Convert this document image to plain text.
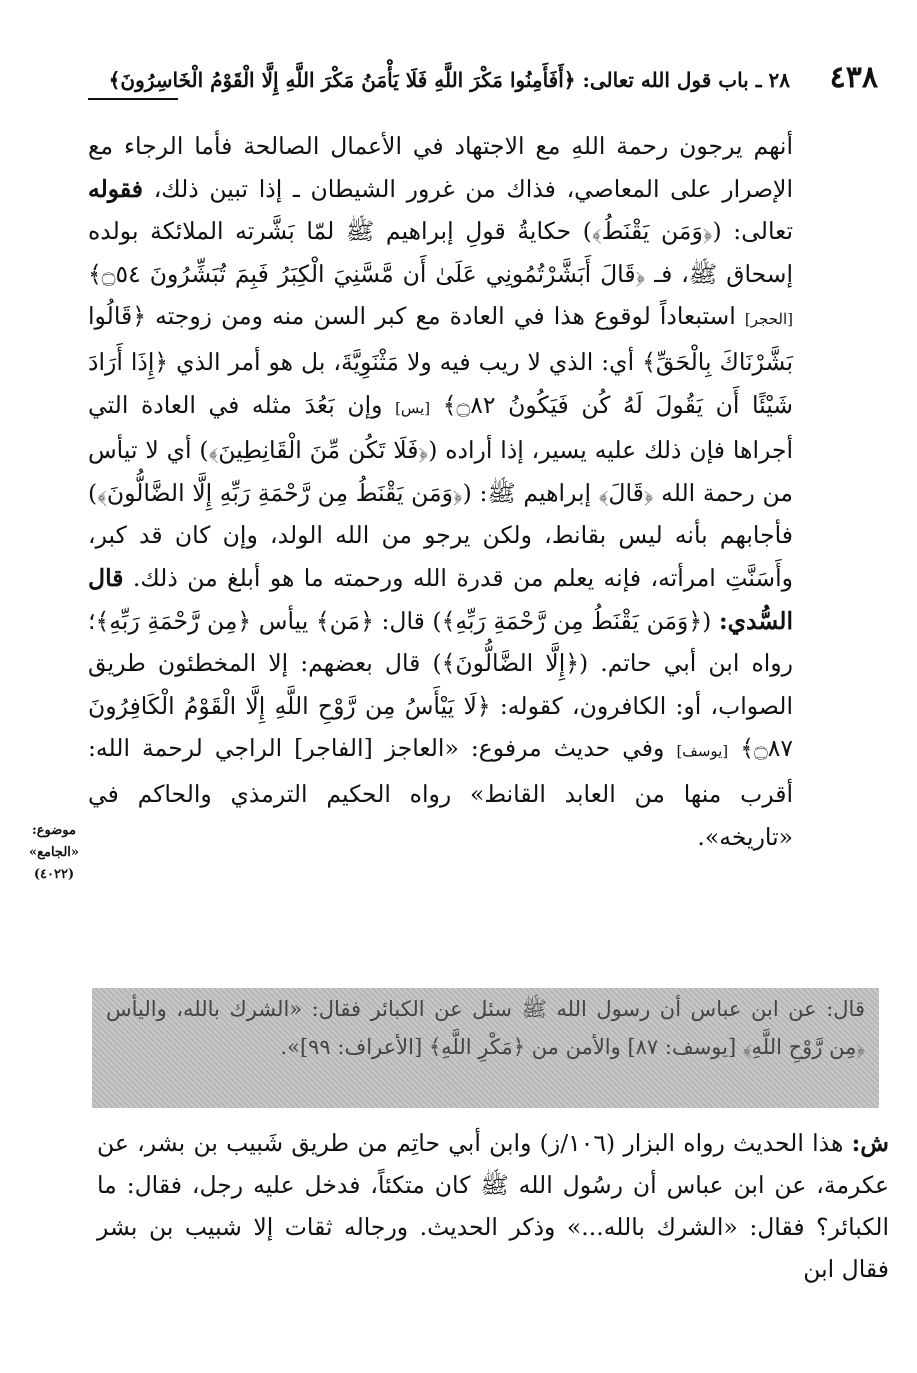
٤٣٨
٢٨ ـ باب قول الله تعالى: ﴿أَفَأَمِنُوا مَكْرَ اللَّهِ فَلَا يَأْمَنُ مَكْرَ اللَّهِ إِلَّا الْقَوْمُ الْخَاسِرُونَ﴾

أنهم يرجون رحمة اللهِ مع الاجتهاد في الأعمال الصالحة فأما الرجاء مع الإصرار على المعاصي، فذاك من غرور الشيطان ـ إذا تبين ذلك، فقوله تعالى: (﴿وَمَن يَقْنَطُ﴾) حكايةُ قولِ إبراهيم ﷺ لمّا بَشَّرته الملائكة بولده إسحاق ﷺ، فـ ﴿قَالَ أَبَشَّرْتُمُونِي عَلَىٰ أَن مَّسَّنِيَ الْكِبَرُ فَبِمَ تُبَشِّرُونَ ۝٥٤﴾ [الحجر] استبعاداً لوقوع هذا في العادة مع كبر السن منه ومن زوجته ﴿قَالُوا بَشَّرْنَاكَ بِالْحَقِّ﴾ أي: الذي لا ريب فيه ولا مَثْنَوِيَّةَ، بل هو أمر الذي ﴿إِذَا أَرَادَ شَيْئًا أَن يَقُولَ لَهُ كُن فَيَكُونُ ۝٨٢﴾ [يس] وإن بَعُدَ مثله في العادة التي أجراها فإن ذلك عليه يسير، إذا أراده (﴿فَلَا تَكُن مِّنَ الْقَانِطِينَ﴾) أي لا تيأس من رحمة الله ﴿قَالَ﴾ إبراهيم ﷺ: (﴿وَمَن يَقْنَطُ مِن رَّحْمَةِ رَبِّهِ إِلَّا الضَّالُّونَ﴾) فأجابهم بأنه ليس بقانط، ولكن يرجو من الله الولد، وإن كان قد كبر، وأَسَنَّتِ امرأته، فإنه يعلم من قدرة الله ورحمته ما هو أبلغ من ذلك. قال السُّدي: (﴿وَمَن يَقْنَطُ مِن رَّحْمَةِ رَبِّهِ﴾) قال: ﴿مَن﴾ ييأس ﴿مِن رَّحْمَةِ رَبِّهِ﴾؛ رواه ابن أبي حاتم. (﴿إِلَّا الضَّالُّونَ﴾) قال بعضهم: إلا المخطئون طريق الصواب، أو: الكافرون، كقوله: ﴿لَا يَيْأَسُ مِن رَّوْحِ اللَّهِ إِلَّا الْقَوْمُ الْكَافِرُونَ ۝٨٧﴾ [يوسف] وفي حديث مرفوع: «العاجز [الفاجر] الراجي لرحمة الله: أقرب منها من العابد القانط» رواه الحكيم الترمذي والحاكم في «تاريخه».

موضوع:
«الجامع»
(٤٠٢٢)
قال: عن ابن عباس أن رسول الله ﷺ سئل عن الكبائر فقال: «الشرك بالله، واليأس ﴿مِن رَّوْحِ اللَّهِ﴾ [يوسف: ٨٧] والأمن من ﴿مَكْرِ اللَّهِ﴾ [الأعراف: ٩٩]».

ش: هذا الحديث رواه البزار (١٠٦/ز) وابن أبي حاتِم من طريق شَبيب بن بشر، عن عكرمة، عن ابن عباس أن رسُول الله ﷺ كان متكئاً، فدخل عليه رجل، فقال: ما الكبائر؟ فقال: «الشرك بالله...» وذكر الحديث. ورجاله ثقات إلا شبيب بن بشر فقال ابن
